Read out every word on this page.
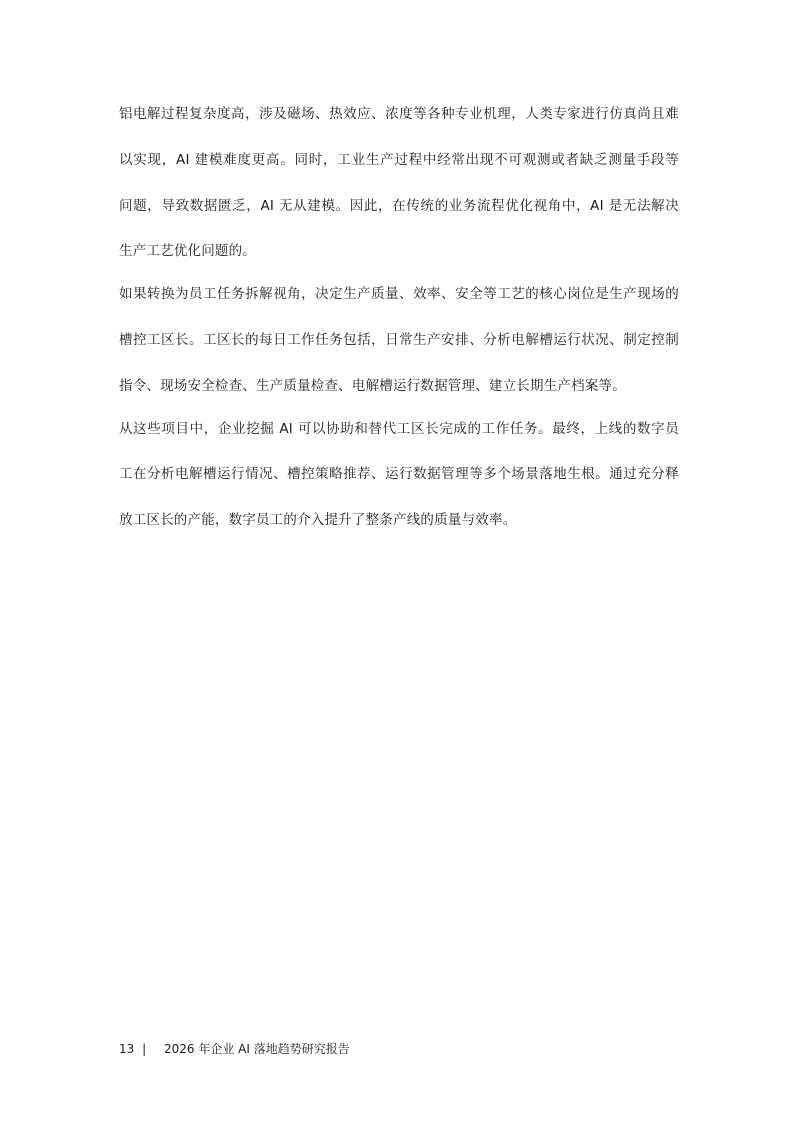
铝电解过程复杂度高，涉及磁场、热效应、浓度等各种专业机理，人类专家进行仿真尚且难
以实现，AI 建模难度更高。同时，工业生产过程中经常出现不可观测或者缺乏测量手段等
问题，导致数据匮乏，AI 无从建模。因此，在传统的业务流程优化视角中，AI 是无法解决
生产工艺优化问题的。
如果转换为员工任务拆解视角，决定生产质量、效率、安全等工艺的核心岗位是生产现场的
槽控工区长。工区长的每日工作任务包括，日常生产安排、分析电解槽运行状况、制定控制
指令、现场安全检查、生产质量检查、电解槽运行数据管理、建立长期生产档案等。
从这些项目中，企业挖掘 AI 可以协助和替代工区长完成的工作任务。最终，上线的数字员
工在分析电解槽运行情况、槽控策略推荐、运行数据管理等多个场景落地生根。通过充分释
放工区长的产能，数字员工的介入提升了整条产线的质量与效率。
13 | 2026 年企业 AI 落地趋势研究报告
